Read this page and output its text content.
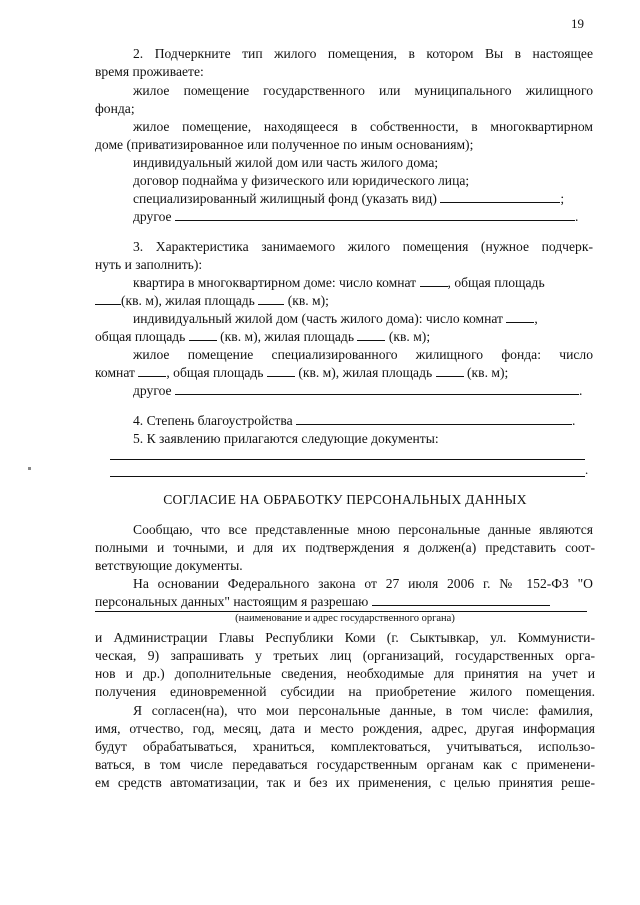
19
2. Подчеркните тип жилого помещения, в котором Вы в настоящее
время проживаете:
жилое помещение государственного или муниципального жилищного
фонда;
жилое помещение, находящееся в собственности, в многоквартирном
доме (приватизированное или полученное по иным основаниям);
индивидуальный жилой дом или часть жилого дома;
договор поднайма у физического или юридического лица;
специализированный жилищный фонд (указать вид)	;
другое	.
3. Характеристика занимаемого жилого помещения (нужное подчерк-
нуть и заполнить):
квартира в многоквартирном доме: число комнат , общая площадь
(кв. м), жилая площадь (кв. м);
индивидуальный жилой дом (часть жилого дома): число комнат ,
общая площадь	(кв. м), жилая площадь	(кв. м);
жилое помещение специализированного жилищного фонда: число
комнат , общая площадь	(кв. м), жилая площадь	(кв. м);
другое	.
4. Степень благоустройства	.
5. К заявлению прилагаются следующие документы:
.
СОГЛАСИЕ НА ОБРАБОТКУ ПЕРСОНАЛЬНЫХ ДАННЫХ
Сообщаю, что все представленные мною персональные данные являются
полными и точными, и для их подтверждения я должен(а) представить соот-
ветствующие документы.
На основании Федерального закона от 27 июля 2006 г. № 152-ФЗ "О
персональных данных" настоящим я разрешаю
(наименование и адрес государственного органа)
и Администрации Главы Республики Коми (г. Сыктывкар, ул. Коммунисти-
ческая, 9) запрашивать у третьих лиц (организаций, государственных орга-
нов и др.) дополнительные сведения, необходимые для принятия на учет и
получения единовременной субсидии на приобретение жилого помещения.
Я согласен(на), что мои персональные данные, в том числе: фамилия,
имя, отчество, год, месяц, дата и место рождения, адрес, другая информация
будут обрабатываться, храниться, комплектоваться, учитываться, использо-
ваться, в том числе передаваться государственным органам как с применени-
ем средств автоматизации, так и без их применения, с целью принятия реше-
